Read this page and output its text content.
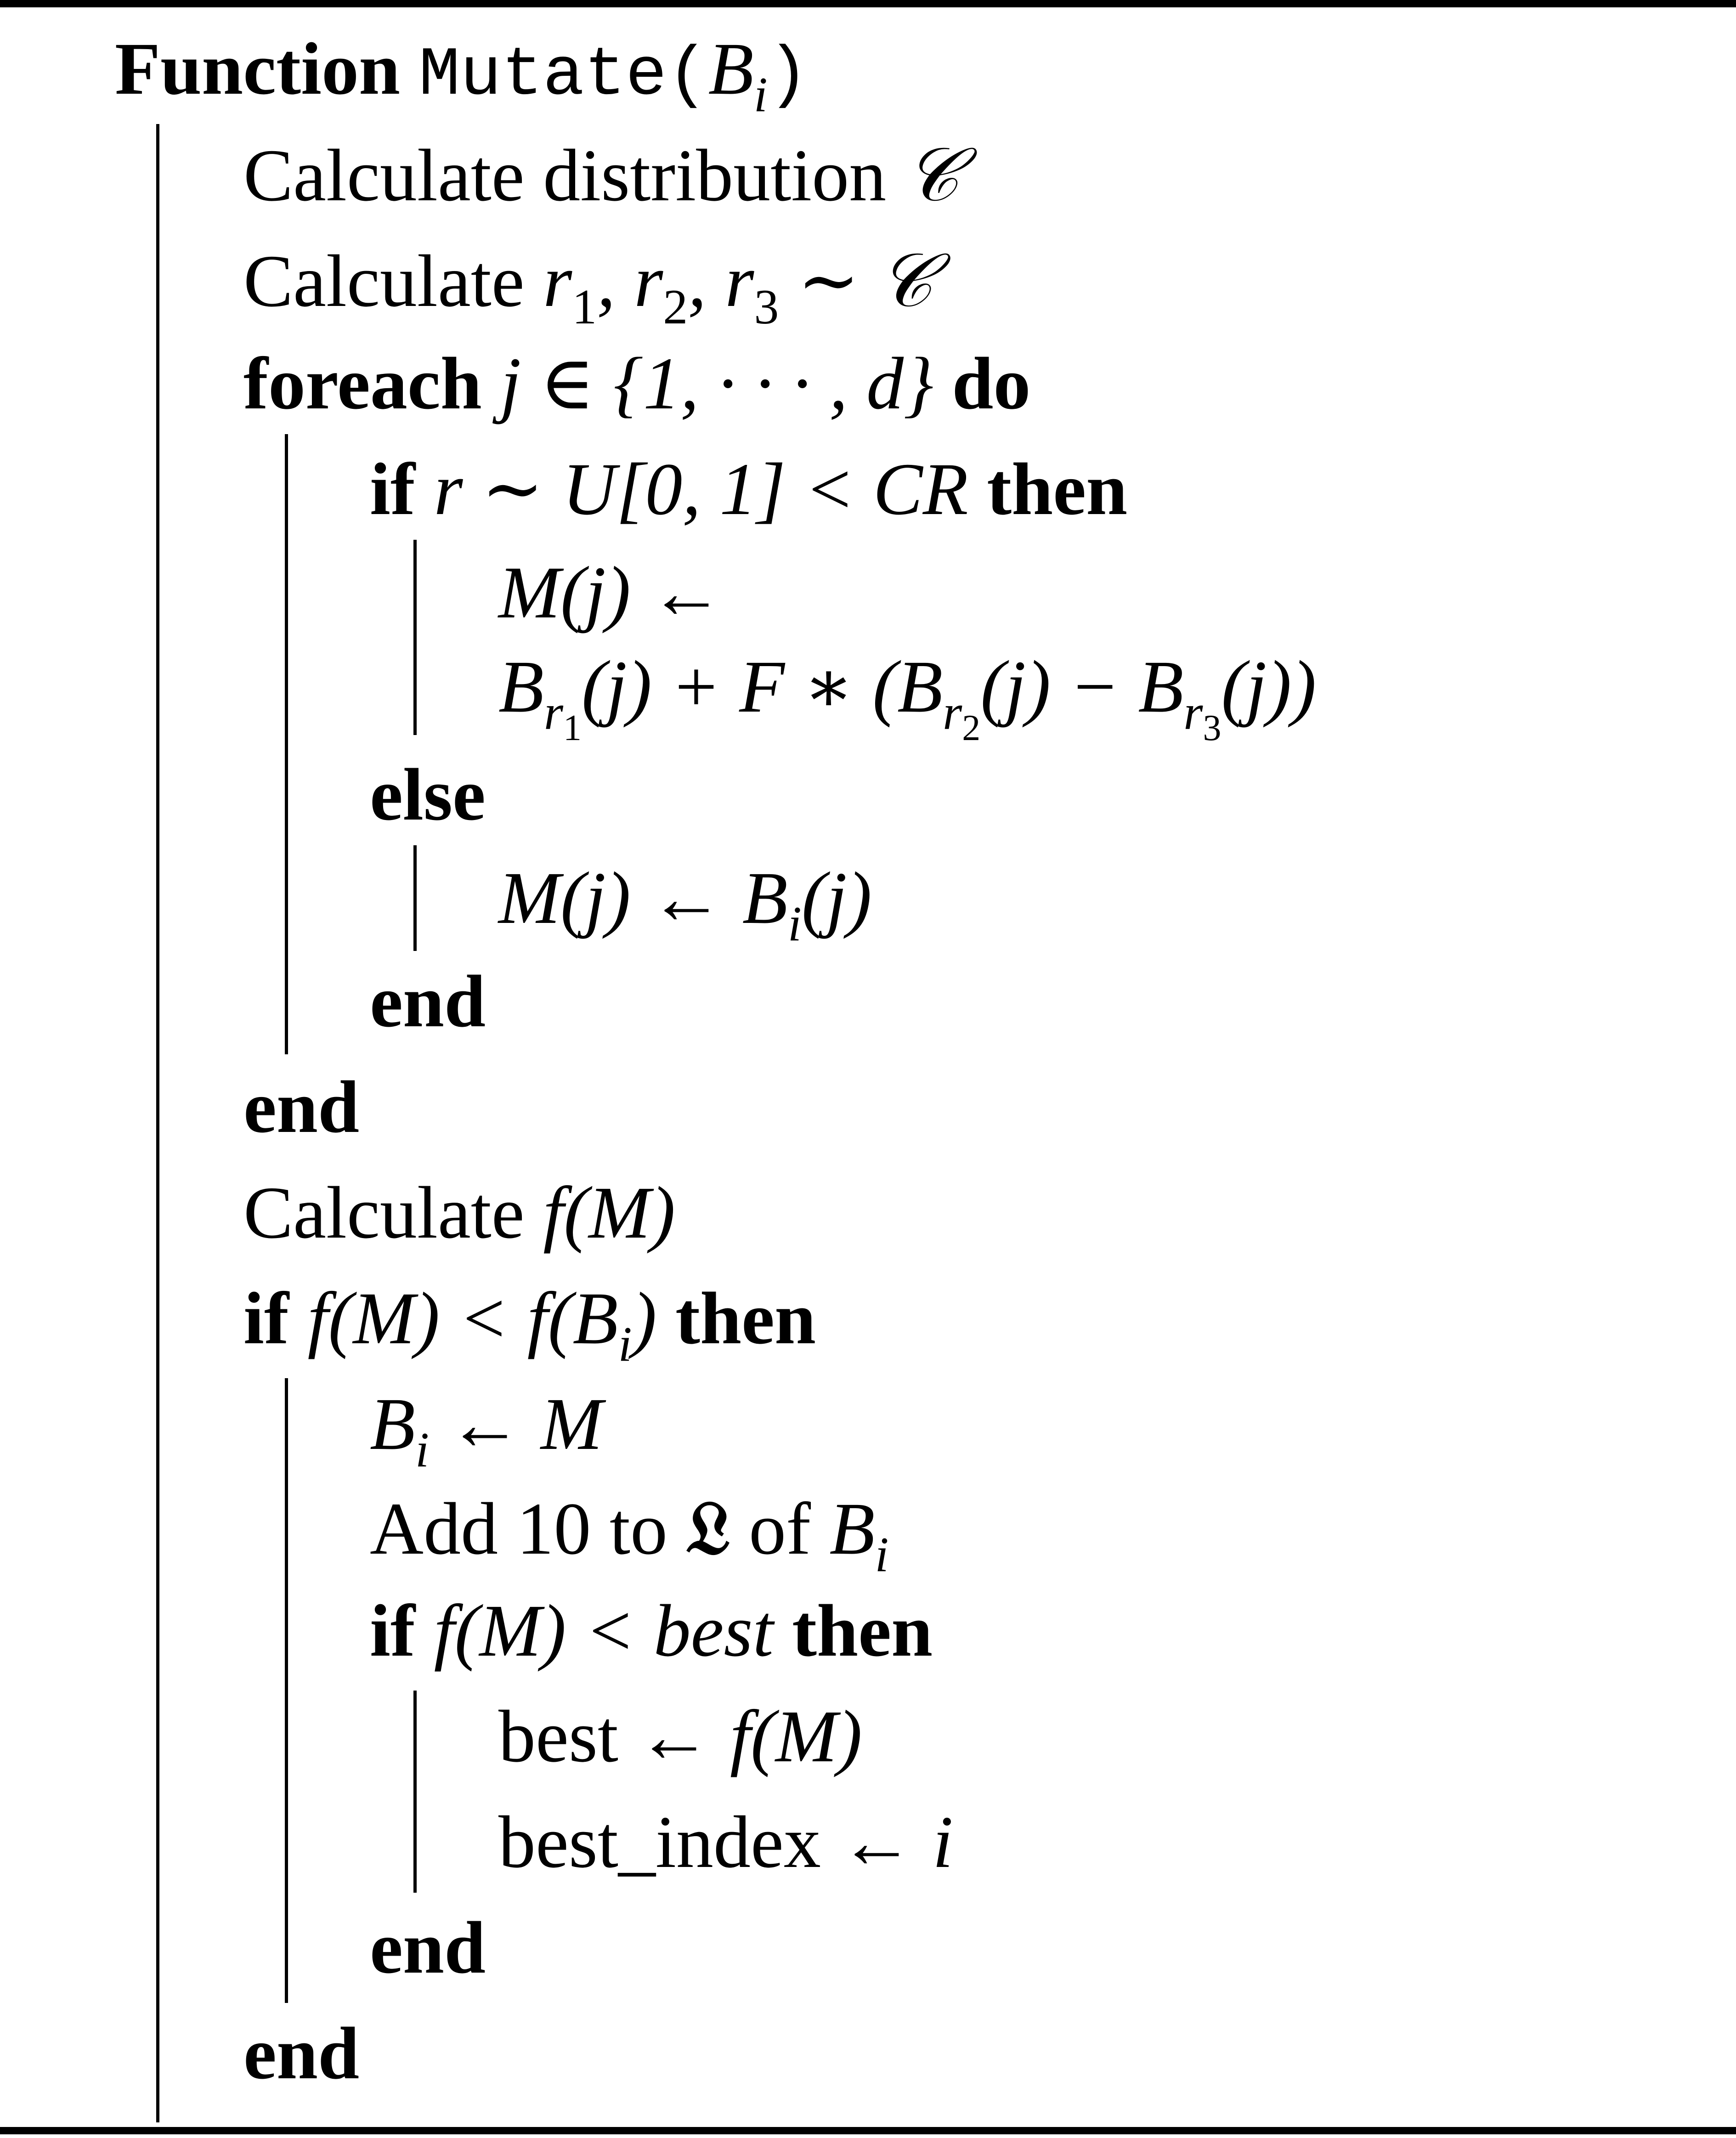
Function $Mutate(B_i)$
Calculate distribution 𝒞
Calculate $r_1$, $r_2$, $r_3$ ∼ 𝒞
foreach j ∈ {1, · · · , d} do
if r ∼ U[0, 1] < CR then
M(j) ←
$B_{r_1}(j) + F$ ∗ $(B_{r_2}(j) - B_{r_3}(j))$
else
M(j) ← $B_i(j)$
end
end
Calculate f(M)
if $f(M) < f(B_i)$ then
$B_i$ ← M
Add 10 to 𝔏 of $B_i$
if f(M) < best then
best ← f(M)
best_index ← i
end
end
